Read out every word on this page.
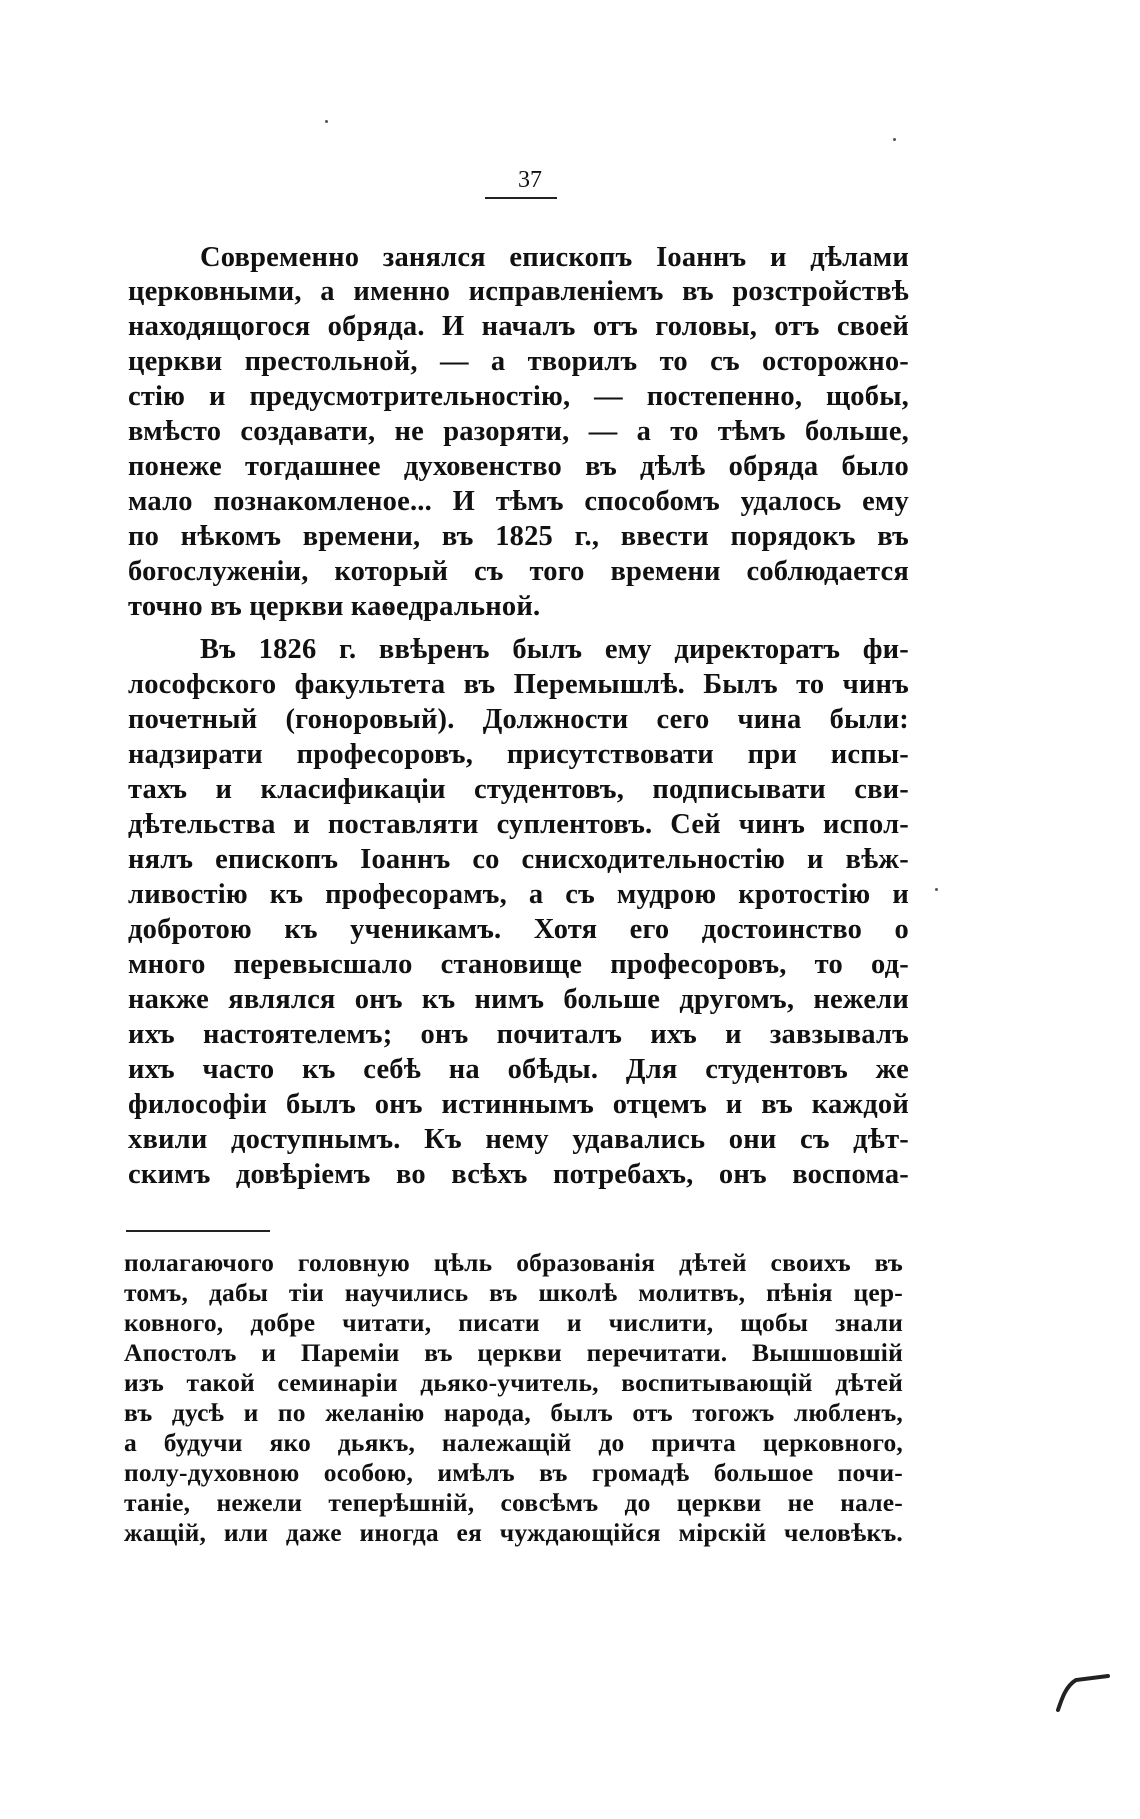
37
Современно занялся епископъ Іоаннъ и дѣлами
церковными, а именно исправленіемъ въ розстройствѣ
находящогося обряда. И началъ отъ головы, отъ своей
церкви престольной, — а творилъ то съ осторожно-
стію и предусмотрительностію, — постепенно, щобы,
вмѣсто создавати, не разоряти, — а то тѣмъ больше,
понеже тогдашнее духовенство въ дѣлѣ обряда было
мало познакомленое... И тѣмъ способомъ удалось ему
по нѣкомъ времени, въ 1825 г., ввести порядокъ въ
богослуженіи, который съ того времени соблюдается
точно въ церкви каѳедральной.
Въ 1826 г. ввѣренъ былъ ему директоратъ фи-
лософского факультета въ Перемышлѣ. Былъ то чинъ
почетный (гоноровый). Должности сего чина были:
надзирати професоровъ, присутствовати при испы-
тахъ и класификаціи студентовъ, подписывати сви-
дѣтельства и поставляти суплентовъ. Сей чинъ испол-
нялъ епископъ Іоаннъ со снисходительностію и вѣж-
ливостію къ професорамъ, а съ мудрою кротостію и
добротою къ ученикамъ. Хотя его достоинство о
много перевысшало становище професоровъ, то од-
накже являлся онъ къ нимъ больше другомъ, нежели
ихъ настоятелемъ; онъ почиталъ ихъ и завзывалъ
ихъ часто къ себѣ на обѣды. Для студентовъ же
философіи былъ онъ истиннымъ отцемъ и въ каждой
хвили доступнымъ. Къ нему удавались они съ дѣт-
скимъ довѣріемъ во всѣхъ потребахъ, онъ воспома-
полагаючого головную цѣль образованія дѣтей своихъ въ
томъ, дабы тіи научились въ школѣ молитвъ, пѣнія цер-
ковного, добре читати, писати и числити, щобы знали
Апостолъ и Пареміи въ церкви перечитати. Вышшовшій
изъ такой семинаріи дьяко-учитель, воспитывающій дѣтей
въ дусѣ и по желанію народа, былъ отъ тогожъ любленъ,
а будучи яко дьякъ, належащій до причта церковного,
полу-духовною особою, имѣлъ въ громадѣ большое почи-
таніе, нежели теперѣшній, совсѣмъ до церкви не нале-
жащій, или даже иногда ея чуждающійся мірскій человѣкъ.
